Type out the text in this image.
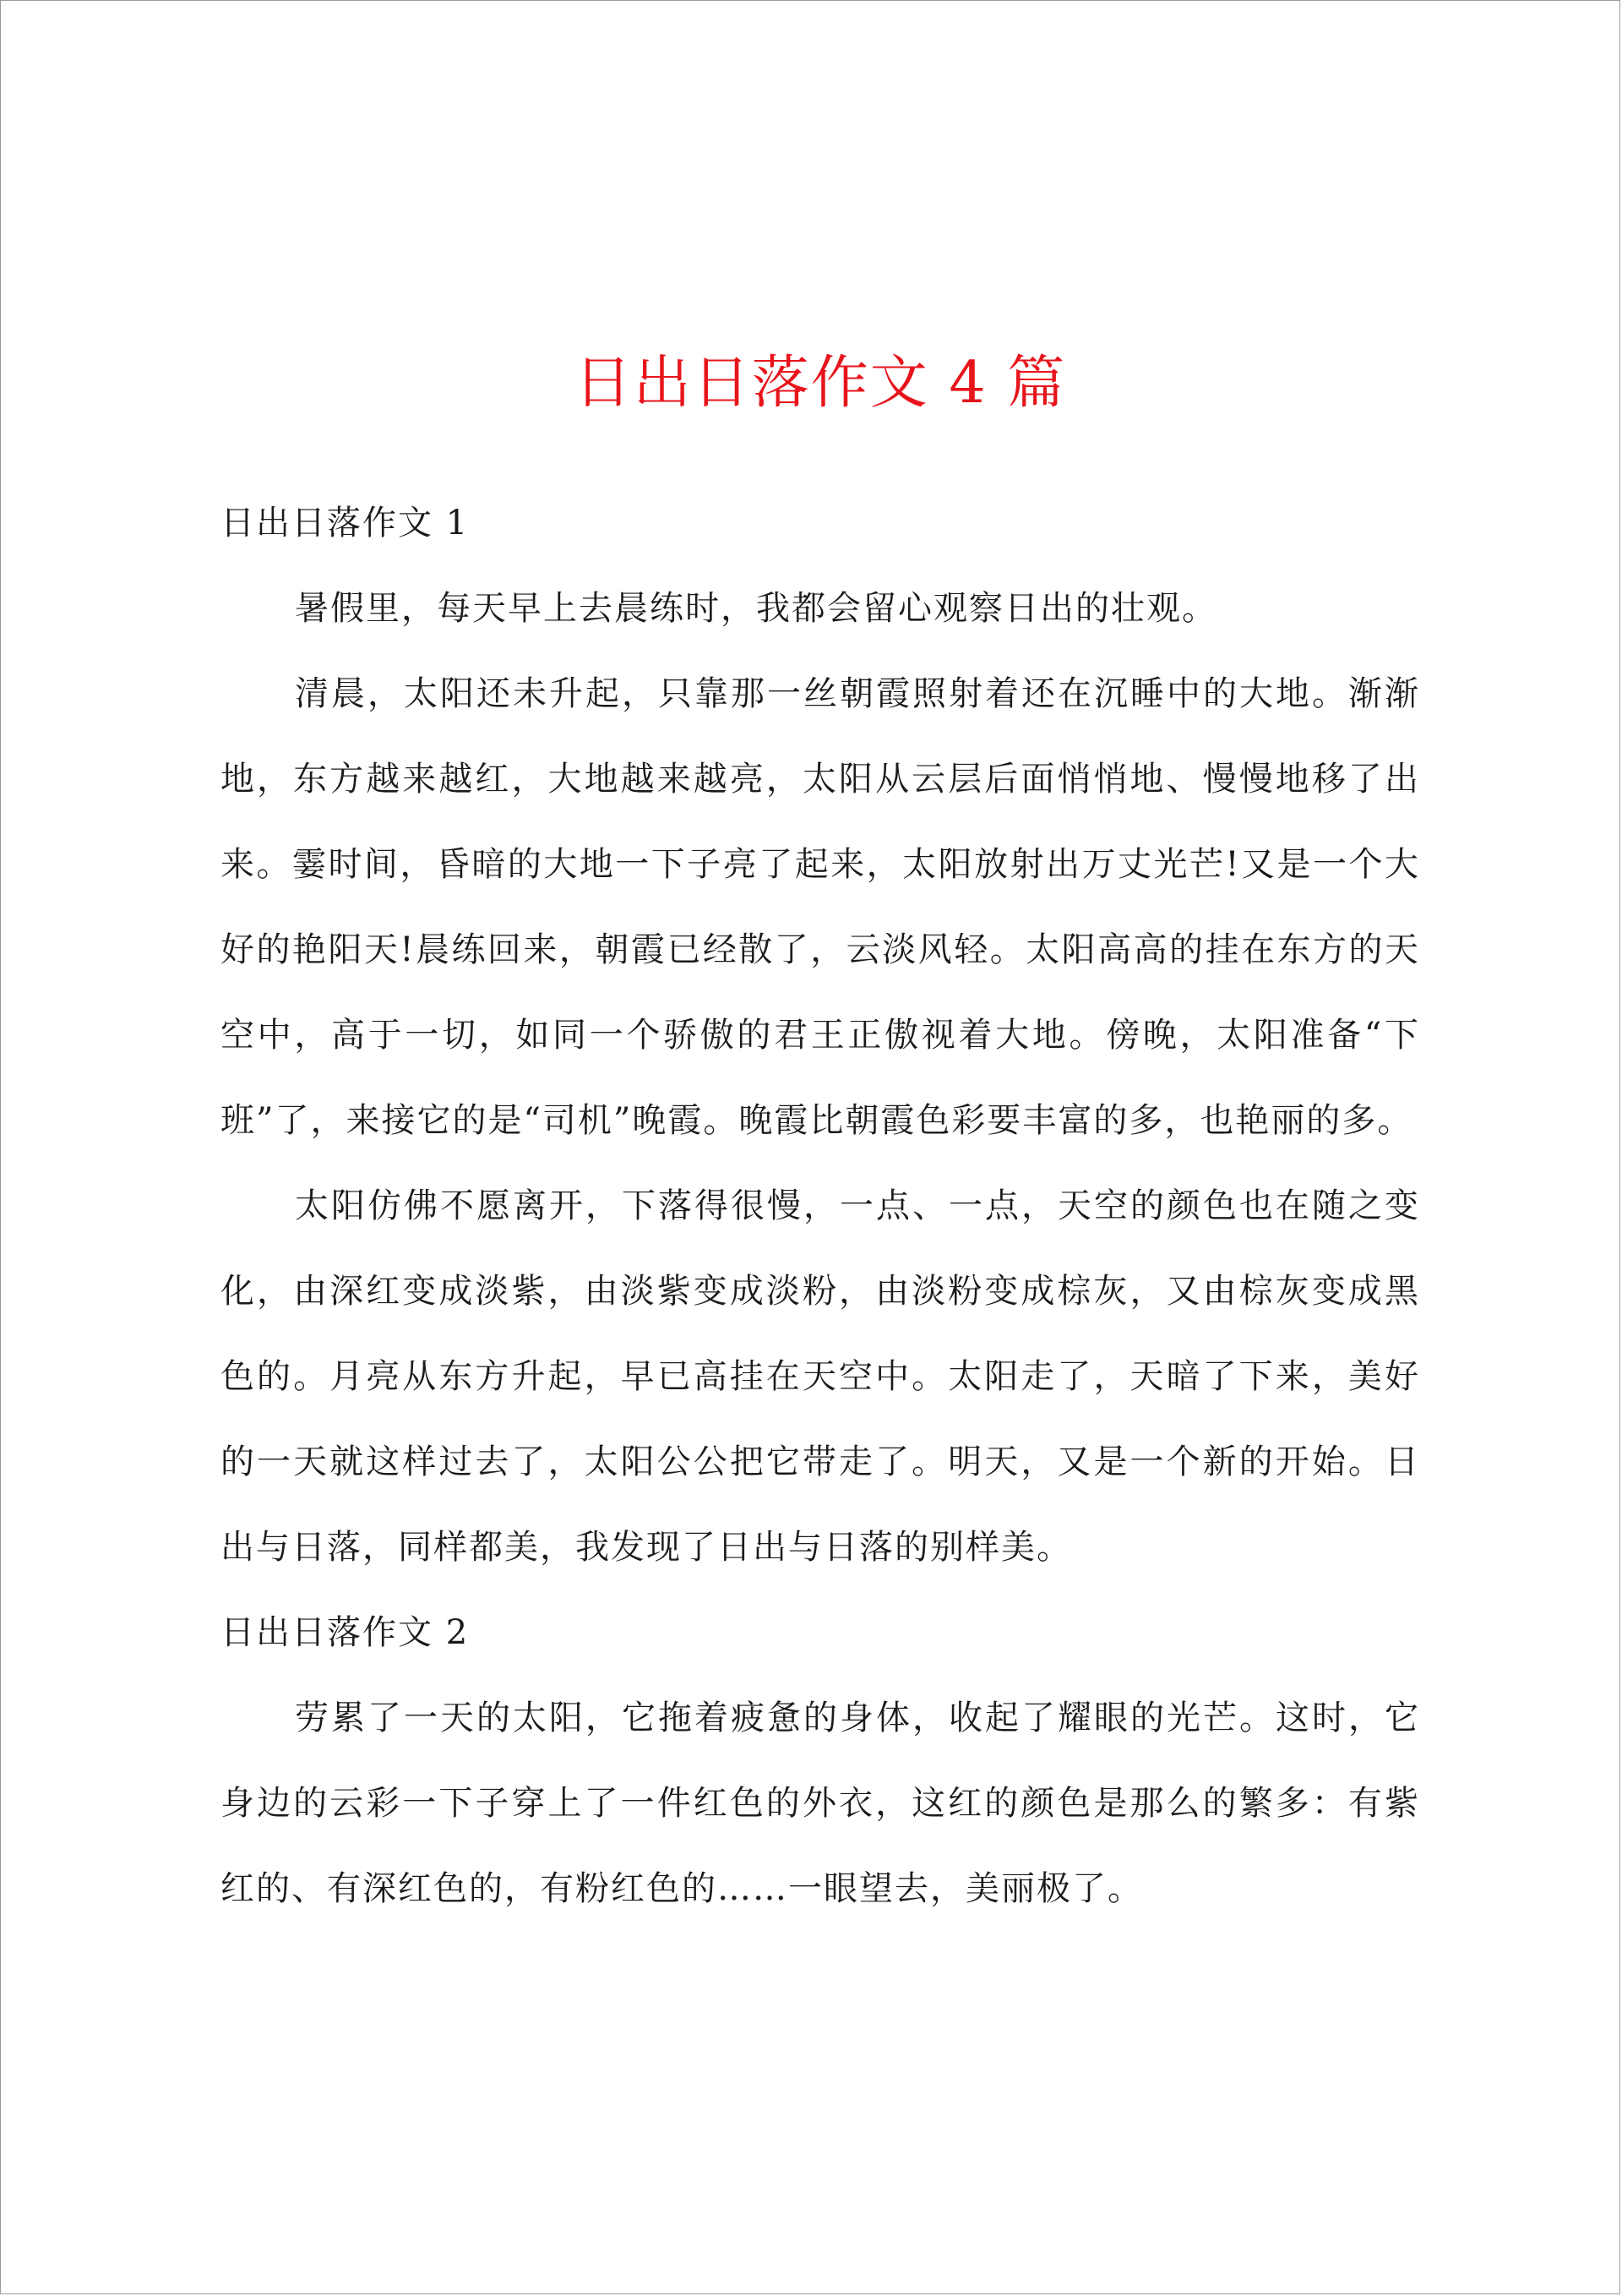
日出日落作文 4 篇
日出日落作文 1

暑假里，每天早上去晨练时，我都会留心观察日出的壮观。

清晨，太阳还未升起，只靠那一丝朝霞照射着还在沉睡中的大地。渐渐地，东方越来越红，大地越来越亮，太阳从云层后面悄悄地、慢慢地移了出来。霎时间，昏暗的大地一下子亮了起来，太阳放射出万丈光芒!又是一个大好的艳阳天!晨练回来，朝霞已经散了，云淡风轻。太阳高高的挂在东方的天空中，高于一切，如同一个骄傲的君王正傲视着大地。傍晚，太阳准备“下班”了，来接它的是“司机”晚霞。晚霞比朝霞色彩要丰富的多，也艳丽的多。

太阳仿佛不愿离开，下落得很慢，一点、一点，天空的颜色也在随之变化，由深红变成淡紫，由淡紫变成淡粉，由淡粉变成棕灰，又由棕灰变成黑色的。月亮从东方升起，早已高挂在天空中。太阳走了，天暗了下来，美好的一天就这样过去了，太阳公公把它带走了。明天，又是一个新的开始。日出与日落，同样都美，我发现了日出与日落的别样美。

日出日落作文 2

劳累了一天的太阳，它拖着疲惫的身体，收起了耀眼的光芒。这时，它身边的云彩一下子穿上了一件红色的外衣，这红的颜色是那么的繁多：有紫红的、有深红色的，有粉红色的……一眼望去，美丽极了。
